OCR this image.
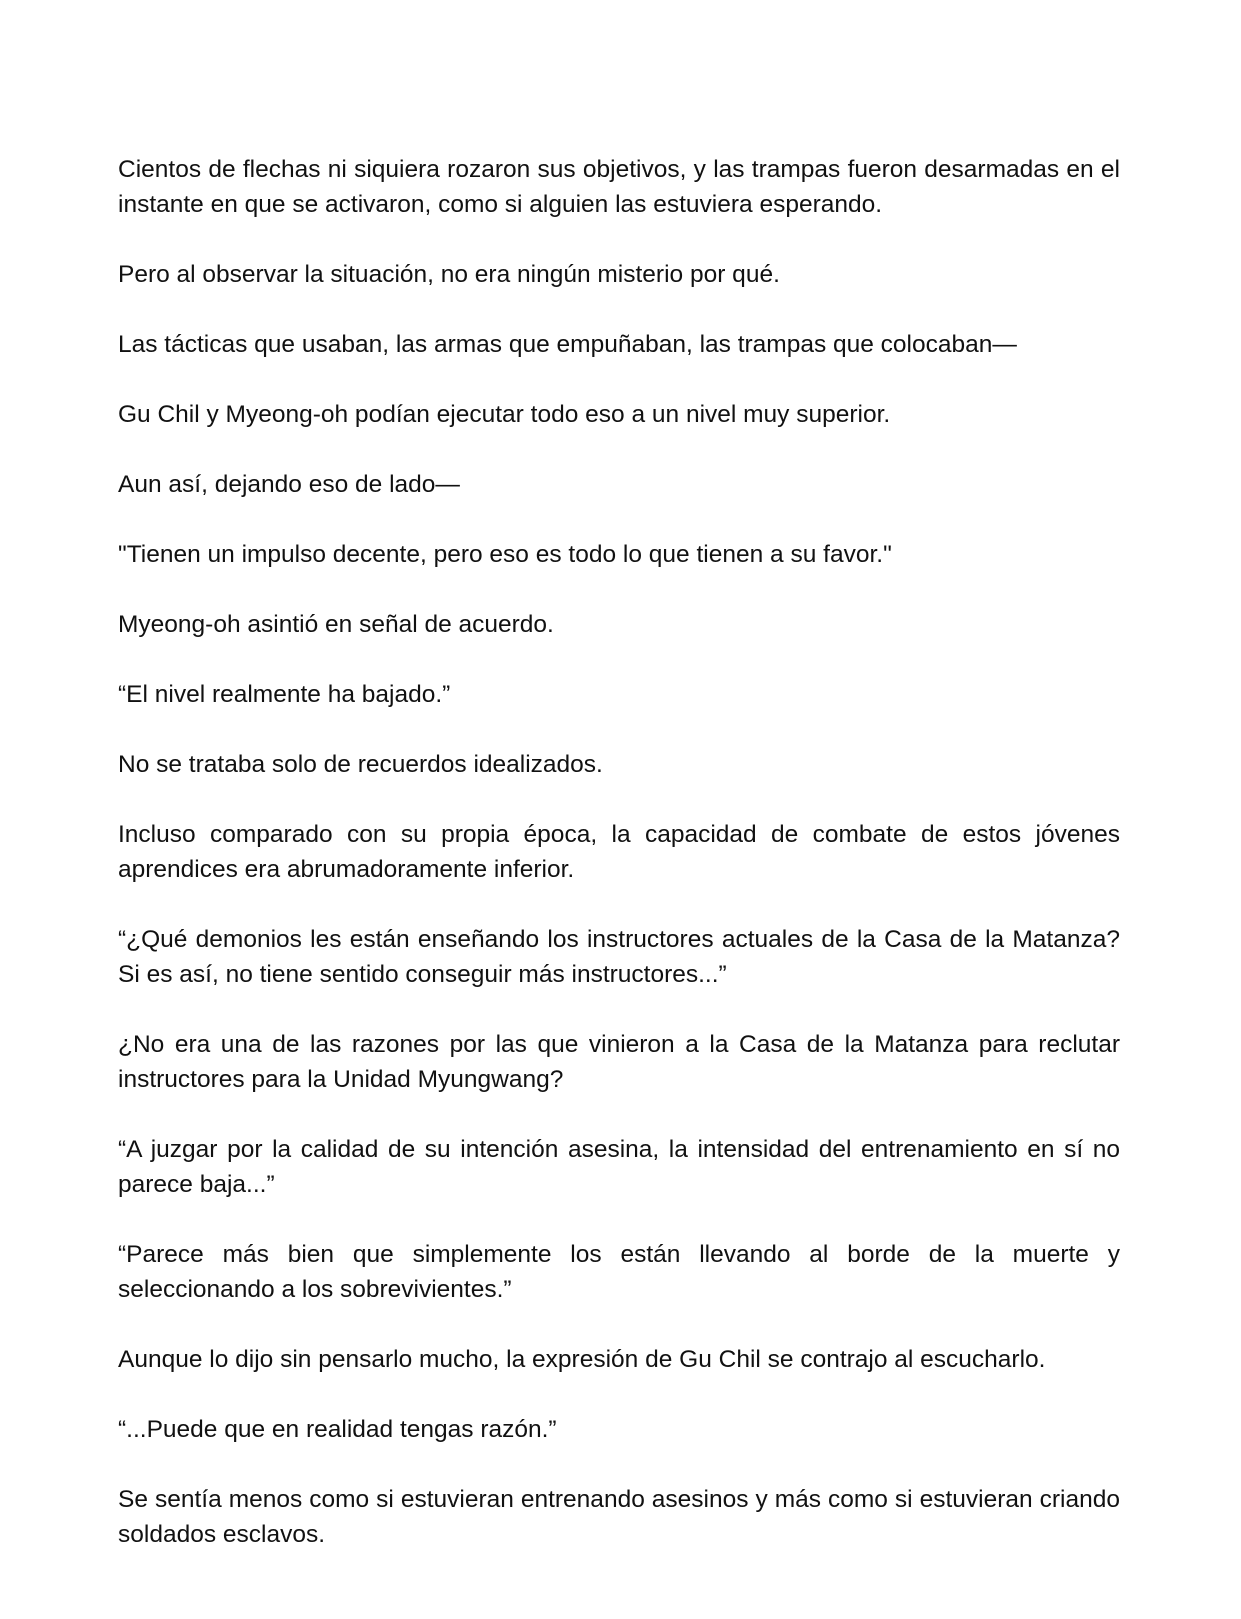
Cientos de flechas ni siquiera rozaron sus objetivos, y las trampas fueron desarmadas en el instante en que se activaron, como si alguien las estuviera esperando.

Pero al observar la situación, no era ningún misterio por qué.

Las tácticas que usaban, las armas que empuñaban, las trampas que colocaban—

Gu Chil y Myeong-oh podían ejecutar todo eso a un nivel muy superior.

Aun así, dejando eso de lado—

"Tienen un impulso decente, pero eso es todo lo que tienen a su favor."

Myeong-oh asintió en señal de acuerdo.

“El nivel realmente ha bajado.”

No se trataba solo de recuerdos idealizados.

Incluso comparado con su propia época, la capacidad de combate de estos jóvenes aprendices era abrumadoramente inferior.

“¿Qué demonios les están enseñando los instructores actuales de la Casa de la Matanza? Si es así, no tiene sentido conseguir más instructores...”

¿No era una de las razones por las que vinieron a la Casa de la Matanza para reclutar instructores para la Unidad Myungwang?

“A juzgar por la calidad de su intención asesina, la intensidad del entrenamiento en sí no parece baja...”

“Parece más bien que simplemente los están llevando al borde de la muerte y seleccionando a los sobrevivientes.”

Aunque lo dijo sin pensarlo mucho, la expresión de Gu Chil se contrajo al escucharlo.

“...Puede que en realidad tengas razón.”

Se sentía menos como si estuvieran entrenando asesinos y más como si estuvieran criando soldados esclavos.
